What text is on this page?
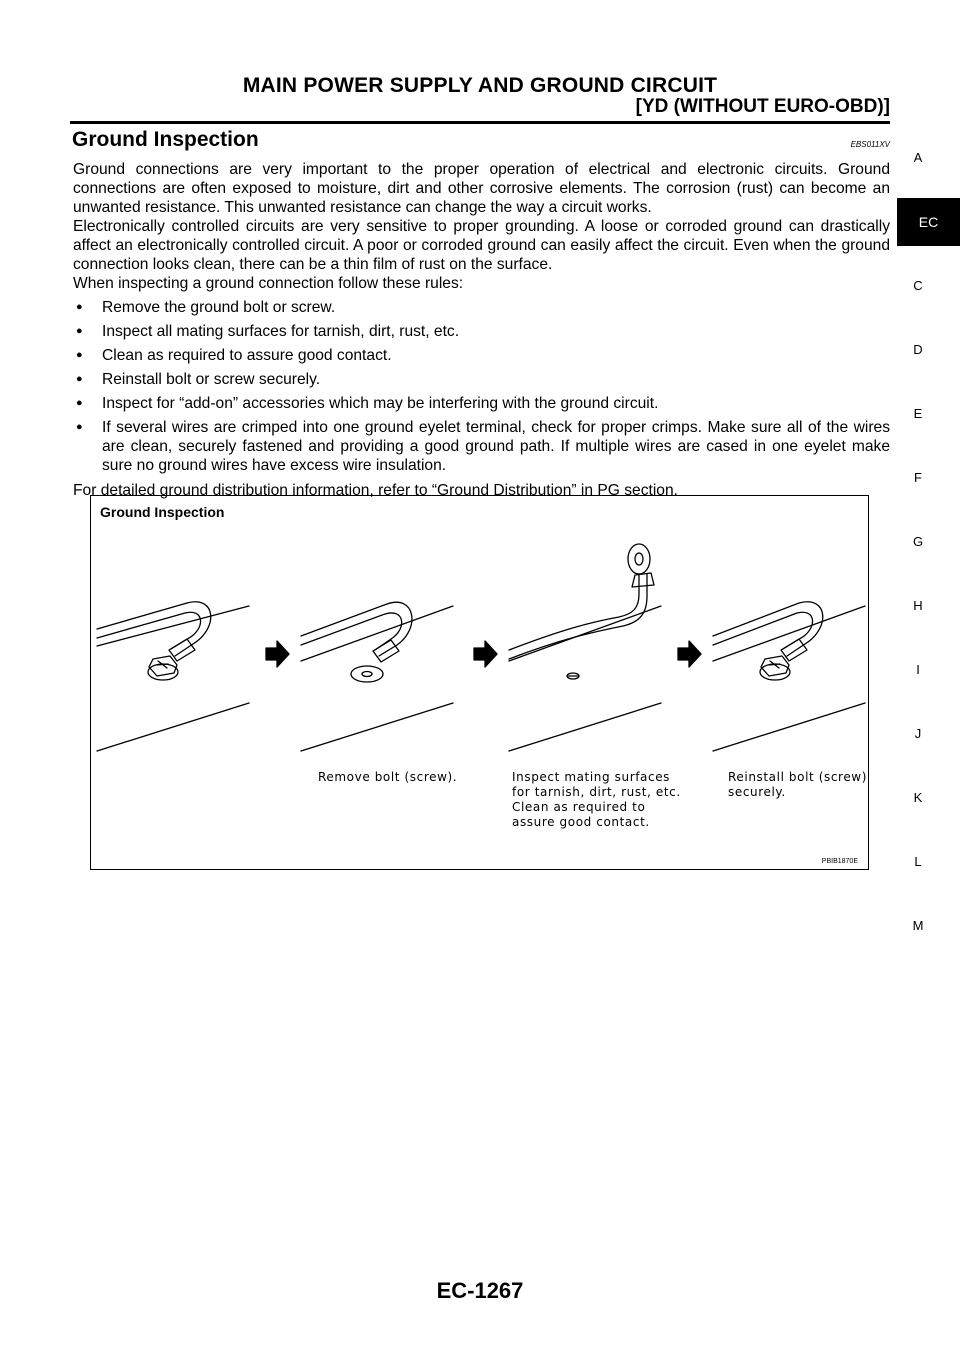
MAIN POWER SUPPLY AND GROUND CIRCUIT
[YD (WITHOUT EURO-OBD)]
Ground Inspection	EBS011XV

Ground connections are very important to the proper operation of electrical and electronic circuits. Ground connections are often exposed to moisture, dirt and other corrosive elements. The corrosion (rust) can become an unwanted resistance. This unwanted resistance can change the way a circuit works.

Electronically controlled circuits are very sensitive to proper grounding. A loose or corroded ground can drastically affect an electronically controlled circuit. A poor or corroded ground can easily affect the circuit. Even when the ground connection looks clean, there can be a thin film of rust on the surface.

When inspecting a ground connection follow these rules:

●	Remove the ground bolt or screw.
●	Inspect all mating surfaces for tarnish, dirt, rust, etc.
●	Clean as required to assure good contact.
●	Reinstall bolt or screw securely.
●	Inspect for “add-on” accessories which may be interfering with the ground circuit.
●	If several wires are crimped into one ground eyelet terminal, check for proper crimps. Make sure all of the wires are clean, securely fastened and providing a good ground path. If multiple wires are cased in one eyelet make sure no ground wires have excess wire insulation.

For detailed ground distribution information, refer to “Ground Distribution” in PG section.

Ground Inspection
Remove bolt (screw).	Inspect mating surfaces
for tarnish, dirt, rust, etc.
Clean as required to
assure good contact.
Reinstall bolt (screw)
securely.
PBIB1870E
A
C
D
E
F
G
H
I
J
K
L
M
EC
EC-1267
